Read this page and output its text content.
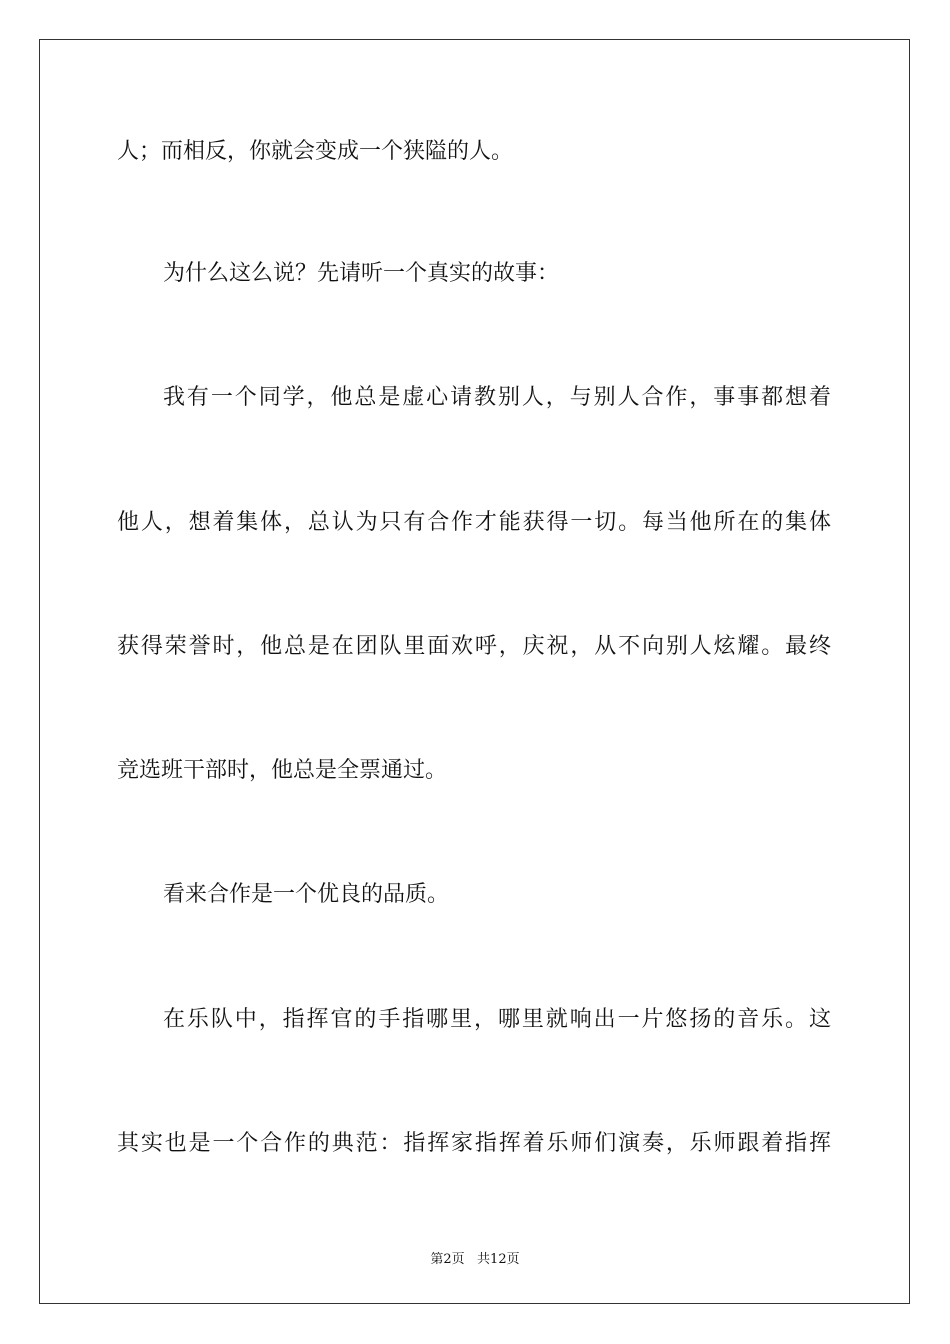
人；而相反，你就会变成一个狭隘的人。
为什么这么说？先请听一个真实的故事：
我有一个同学，他总是虚心请教别人，与别人合作，事事都想着
他人，想着集体，总认为只有合作才能获得一切。每当他所在的集体
获得荣誉时，他总是在团队里面欢呼，庆祝，从不向别人炫耀。最终
竞选班干部时，他总是全票通过。
看来合作是一个优良的品质。
在乐队中，指挥官的手指哪里，哪里就响出一片悠扬的音乐。这
其实也是一个合作的典范：指挥家指挥着乐师们演奏，乐师跟着指挥
第2页   共12页
